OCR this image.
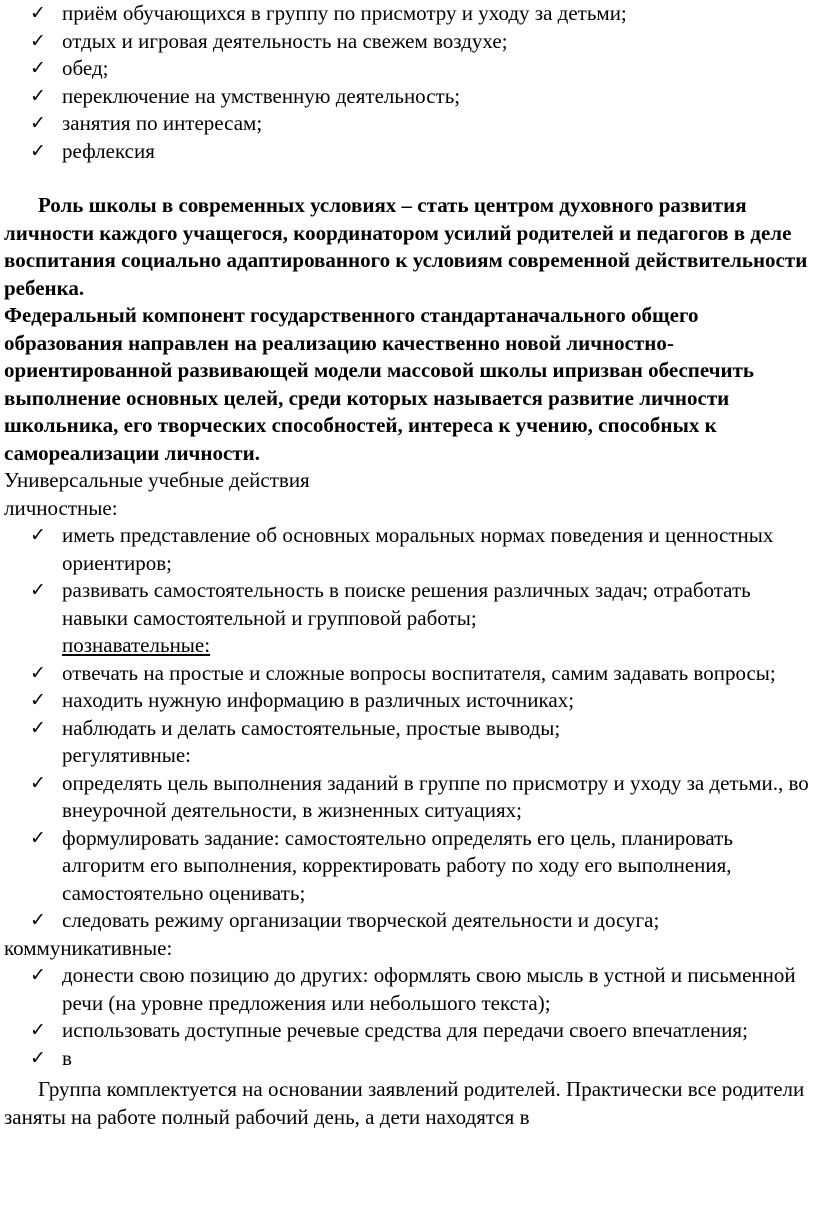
✓ приём обучающихся в группу по присмотру и уходу за детьми;
✓ отдых и игровая деятельность на свежем воздухе;
✓ обед;
✓ переключение на умственную деятельность;
✓ занятия по интересам;
✓ рефлексия

Роль школы в современных условиях – стать центром духовного развития личности каждого учащегося, координатором усилий родителей и педагогов в деле воспитания социально адаптированного к условиям современной действительности ребенка.

Федеральный компонент государственного стандартаначального общего образования направлен на реализацию качественно новой личностно-ориентированной развивающей модели массовой школы ипризван обеспечить выполнение основных целей, среди которых называется развитие личности школьника, его творческих способностей, интереса к учению, способных к самореализации личности.

Универсальные учебные действия
личностные:
✓ иметь представление об основных моральных нормах поведения и ценностных ориентиров;
✓ развивать самостоятельность в поиске решения различных задач; отработать навыки самостоятельной и групповой работы;
познавательные:
✓ отвечать на простые и сложные вопросы воспитателя, самим задавать вопросы;
✓ находить нужную информацию в различных источниках;
✓ наблюдать и делать самостоятельные, простые выводы;
регулятивные:
✓ определять цель выполнения заданий в группе по присмотру и уходу за детьми., во внеурочной деятельности, в жизненных ситуациях;
✓ формулировать задание: самостоятельно определять его цель, планировать алгоритм его выполнения, корректировать работу по ходу его выполнения, самостоятельно оценивать;
✓ следовать режиму организации творческой деятельности и досуга;
коммуникативные:
✓ донести свою позицию до других: оформлять свою мысль в устной и письменной речи (на уровне предложения или небольшого текста);
✓ использовать доступные речевые средства для передачи своего впечатления;
✓ в

Группа комплектуется на основании заявлений родителей. Практически все родители заняты на работе полный рабочий день, а дети находятся в
